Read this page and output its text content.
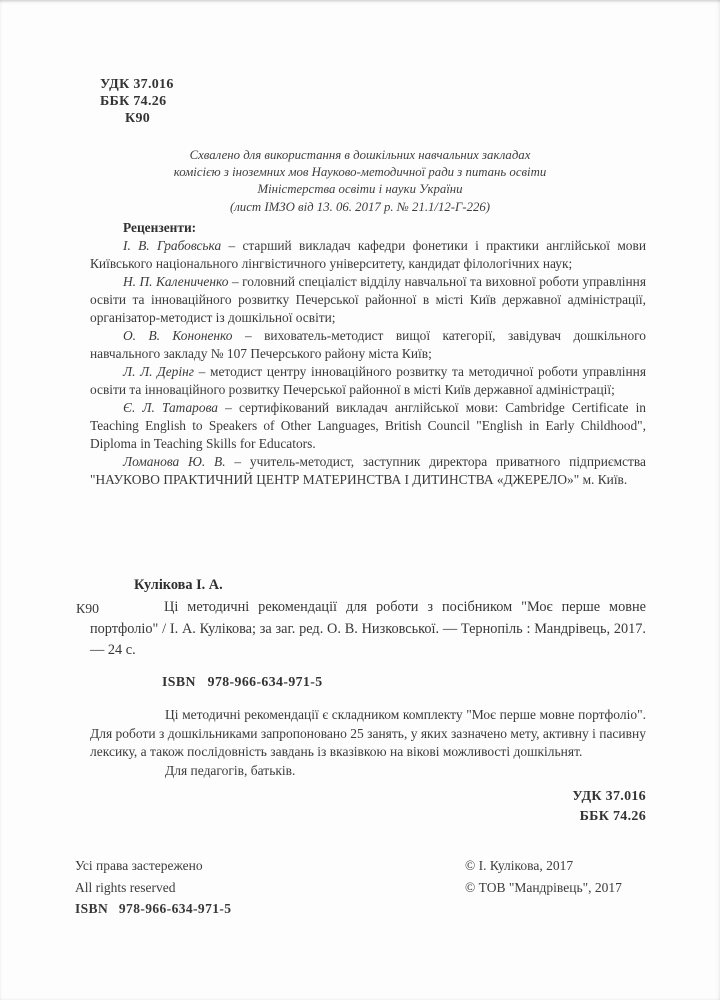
УДК 37.016
ББК 74.26
К90
Схвалено для використання в дошкільних навчальних закладах
комісією з іноземних мов Науково-методичної ради з питань освіти
Міністерства освіти і науки України
(лист ІМЗО від 13. 06. 2017 р. № 21.1/12-Г-226)
Рецензенти:

І. В. Грабовська – старший викладач кафедри фонетики і практики англійської мови Київського національного лінгвістичного університету, кандидат філологічних наук;

Н. П. Калениченко – головний спеціаліст відділу навчальної та виховної роботи управління освіти та інноваційного розвитку Печерської районної в місті Київ державної адміністрації, організатор-методист із дошкільної освіти;

О. В. Кононенко – вихователь-методист вищої категорії, завідувач дошкільного навчального закладу № 107 Печерського району міста Київ;

Л. Л. Дерінг – методист центру інноваційного розвитку та методичної роботи управління освіти та інноваційного розвитку Печерської районної в місті Київ державної адміністрації;

Є. Л. Татарова – сертифікований викладач англійської мови: Cambridge Certificate in Teaching English to Speakers of Other Languages, British Council "English in Early Childhood", Diploma in Teaching Skills for Educators.

Ломанова Ю. В. – учитель-методист, заступник директора приватного підприємства "НАУКОВО ПРАКТИЧНИЙ ЦЕНТР МАТЕРИНСТВА І ДИТИНСТВА «ДЖЕРЕЛО»" м. Київ.

Кулікова І. А.
К90	Ці методичні рекомендації для роботи з посібником "Моє перше мовне портфоліо" / І. А. Кулікова; за заг. ред. О. В. Низковської. — Тернопіль : Мандрівець, 2017. — 24 с.

ISBN 978-966-634-971-5

Ці методичні рекомендації є складником комплекту "Моє перше мовне портфоліо". Для роботи з дошкільниками запропоновано 25 занять, у яких зазначено мету, активну і пасивну лексику, а також послідовність завдань із вказівкою на вікові можливості дошкільнят.

Для педагогів, батьків.

УДК 37.016
ББК 74.26
Усі права застережено
All rights reserved
ISBN 978-966-634-971-5
© І. Кулікова, 2017
© ТОВ "Мандрівець", 2017
